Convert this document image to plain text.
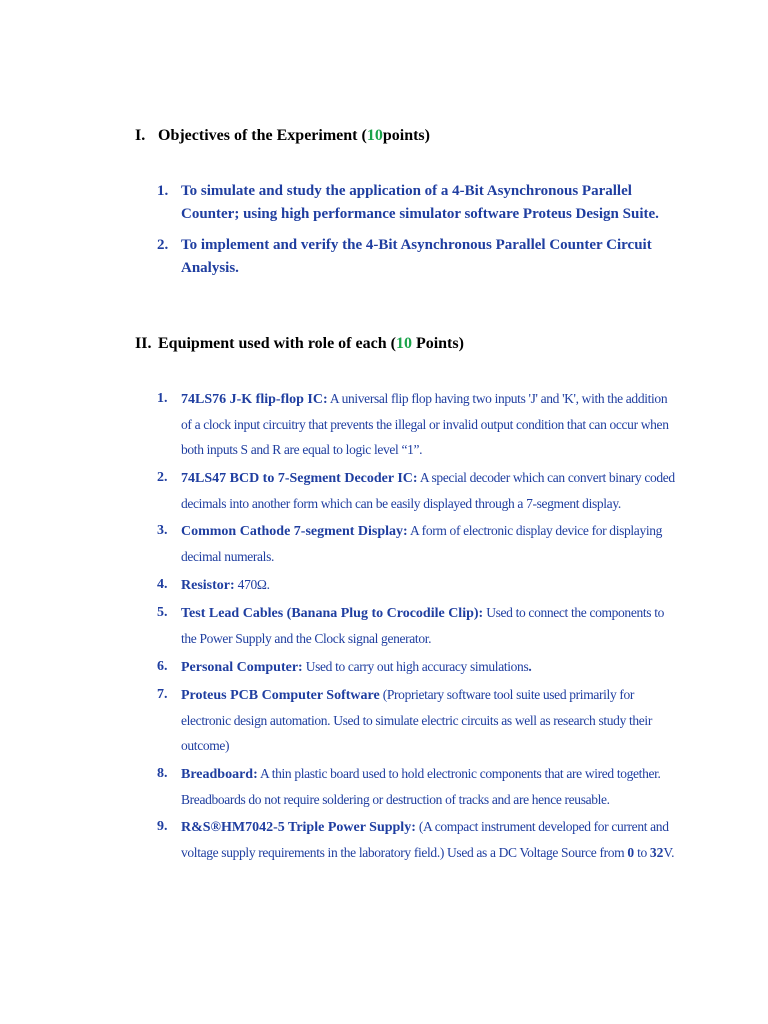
I. Objectives of the Experiment (10points)
1. To simulate and study the application of a 4-Bit Asynchronous Parallel Counter; using high performance simulator software Proteus Design Suite.
2. To implement and verify the 4-Bit Asynchronous Parallel Counter Circuit Analysis.
II. Equipment used with role of each (10 Points)
1. 74LS76 J-K flip-flop IC: A universal flip flop having two inputs 'J' and 'K', with the addition of a clock input circuitry that prevents the illegal or invalid output condition that can occur when both inputs S and R are equal to logic level “1”.
2. 74LS47 BCD to 7-Segment Decoder IC: A special decoder which can convert binary coded decimals into another form which can be easily displayed through a 7-segment display.
3. Common Cathode 7-segment Display: A form of electronic display device for displaying decimal numerals.
4. Resistor: 470Ω.
5. Test Lead Cables (Banana Plug to Crocodile Clip): Used to connect the components to the Power Supply and the Clock signal generator.
6. Personal Computer: Used to carry out high accuracy simulations.
7. Proteus PCB Computer Software (Proprietary software tool suite used primarily for electronic design automation. Used to simulate electric circuits as well as research study their outcome)
8. Breadboard: A thin plastic board used to hold electronic components that are wired together. Breadboards do not require soldering or destruction of tracks and are hence reusable.
9. R&S®HM7042-5 Triple Power Supply: (A compact instrument developed for current and voltage supply requirements in the laboratory field.) Used as a DC Voltage Source from 0 to 32V.
